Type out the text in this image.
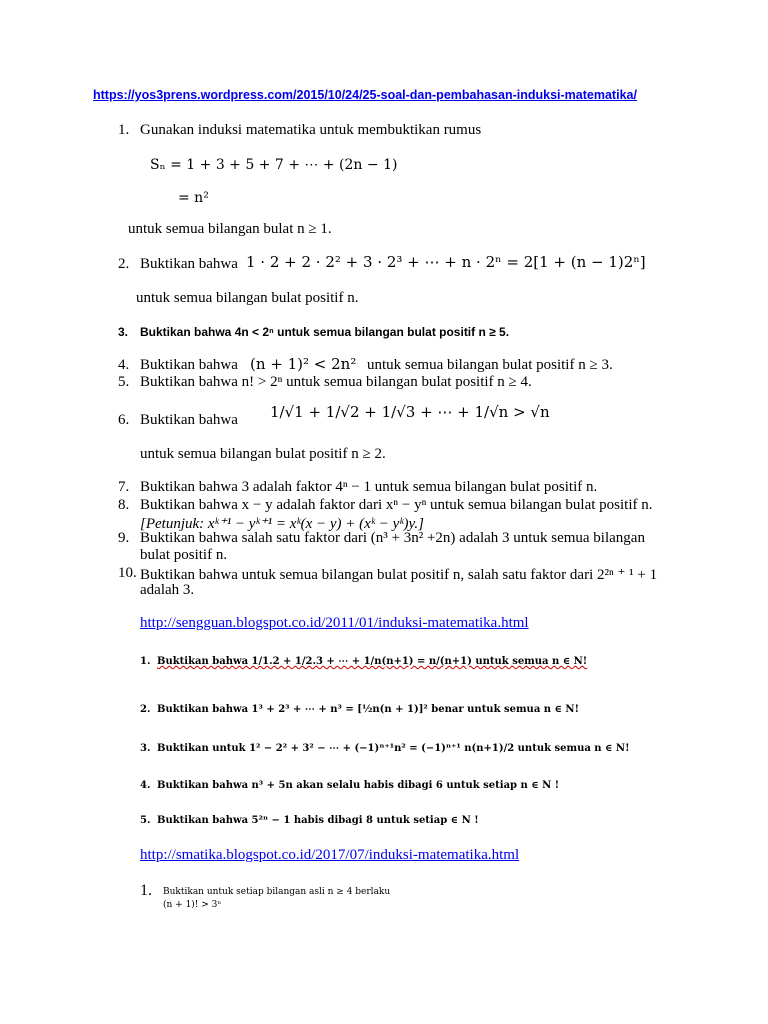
https://yos3prens.wordpress.com/2015/10/24/25-soal-dan-pembahasan-induksi-matematika/
1. Gunakan induksi matematika untuk membuktikan rumus
Sₙ = 1 + 3 + 5 + 7 + ⋯ + (2n − 1)
= n²
untuk semua bilangan bulat n ≥ 1.
2. Buktikan bahwa 1 · 2 + 2 · 2² + 3 · 2³ + ⋯ + n · 2ⁿ = 2[1 + (n − 1)2ⁿ]
untuk semua bilangan bulat positif n.
3. Buktikan bahwa 4n < 2ⁿ untuk semua bilangan bulat positif n ≥ 5.
4. Buktikan bahwa (n + 1)² < 2n² untuk semua bilangan bulat positif n ≥ 3.
5. Buktikan bahwa n! > 2ⁿ untuk semua bilangan bulat positif n ≥ 4.
6. Buktikan bahwa 1/√1 + 1/√2 + 1/√3 + ⋯ + 1/√n > √n
untuk semua bilangan bulat positif n ≥ 2.
7. Buktikan bahwa 3 adalah faktor 4ⁿ − 1 untuk semua bilangan bulat positif n.
8. Buktikan bahwa x − y adalah faktor dari xⁿ − yⁿ untuk semua bilangan bulat positif n.
[Petunjuk: xᵏ⁺¹ − yᵏ⁺¹ = xᵏ(x − y) + (xᵏ − yᵏ)y.]
9. Buktikan bahwa salah satu faktor dari (n³ + 3n² +2n) adalah 3 untuk semua bilangan
bulat positif n.
10. Buktikan bahwa untuk semua bilangan bulat positif n, salah satu faktor dari 2²ⁿ ⁺ ¹ + 1
adalah 3.
http://sengguan.blogspot.co.id/2011/01/induksi-matematika.html
1. Buktikan bahwa 1/1.2 + 1/2.3 + ⋯ + 1/n(n+1) = n/(n+1) untuk semua n ∈ N!
2. Buktikan bahwa 1³ + 2³ + ⋯ + n³ = [½n(n + 1)]² benar untuk semua n ∈ N!
3. Buktikan untuk 1² − 2² + 3² − ⋯ + (−1)ⁿ⁺¹n² = (−1)ⁿ⁺¹ n(n+1)/2 untuk semua n ∈ N!
4. Buktikan bahwa n³ + 5n akan selalu habis dibagi 6 untuk setiap n ∈ N !
5. Buktikan bahwa 5²ⁿ − 1 habis dibagi 8 untuk setiap ∈ N !
http://smatika.blogspot.co.id/2017/07/induksi-matematika.html
1. Buktikan untuk setiap bilangan asli n ≥ 4 berlaku
(n + 1)! > 3ⁿ
